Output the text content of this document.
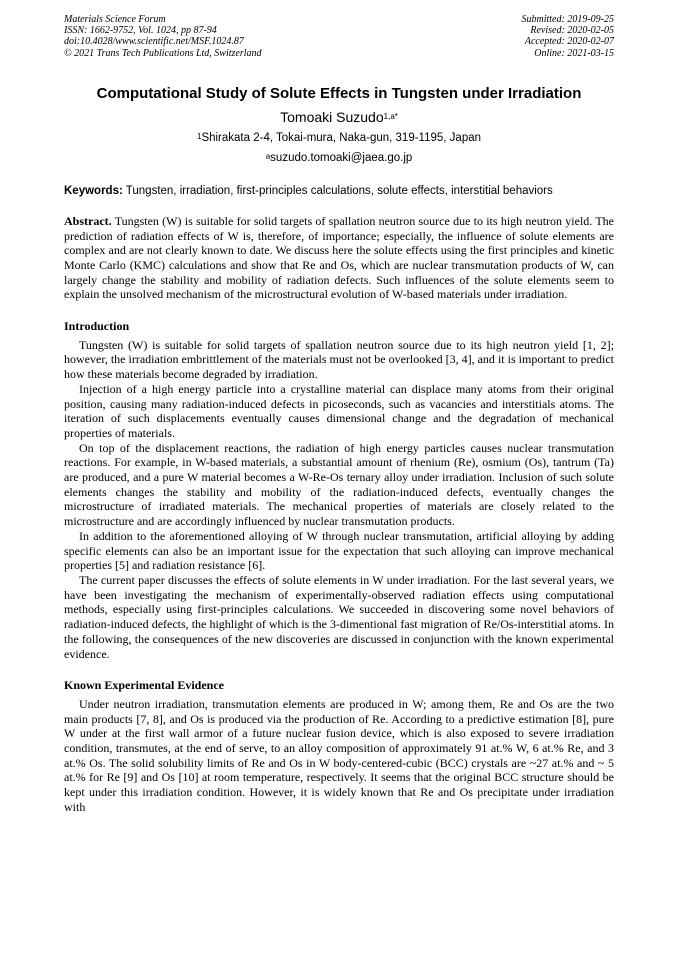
Materials Science Forum
ISSN: 1662-9752, Vol. 1024, pp 87-94
doi:10.4028/www.scientific.net/MSF.1024.87
© 2021 Trans Tech Publications Ltd, Switzerland
Submitted: 2019-09-25
Revised: 2020-02-05
Accepted: 2020-02-07
Online: 2021-03-15
Computational Study of Solute Effects in Tungsten under Irradiation
Tomoaki Suzudo$^{1,a*}$
$^1$Shirakata 2-4, Tokai-mura, Naka-gun, 319-1195, Japan
$^a$suzudo.tomoaki@jaea.go.jp
Keywords: Tungsten, irradiation, first-principles calculations, solute effects, interstitial behaviors
Abstract. Tungsten (W) is suitable for solid targets of spallation neutron source due to its high neutron yield. The prediction of radiation effects of W is, therefore, of importance; especially, the influence of solute elements are complex and are not clearly known to date. We discuss here the solute effects using the first principles and kinetic Monte Carlo (KMC) calculations and show that Re and Os, which are nuclear transmutation products of W, can largely change the stability and mobility of radiation defects. Such influences of the solute elements seem to explain the unsolved mechanism of the microstructural evolution of W-based materials under irradiation.
Introduction

Tungsten (W) is suitable for solid targets of spallation neutron source due to its high neutron yield [1, 2]; however, the irradiation embrittlement of the materials must not be overlooked [3, 4], and it is important to predict how these materials become degraded by irradiation.

Injection of a high energy particle into a crystalline material can displace many atoms from their original position, causing many radiation-induced defects in picoseconds, such as vacancies and interstitials atoms. The iteration of such displacements eventually causes dimensional change and the degradation of mechanical properties of materials.

On top of the displacement reactions, the radiation of high energy particles causes nuclear transmutation reactions. For example, in W-based materials, a substantial amount of rhenium (Re), osmium (Os), tantrum (Ta) are produced, and a pure W material becomes a W-Re-Os ternary alloy under irradiation. Inclusion of such solute elements changes the stability and mobility of the radiation-induced defects, eventually changes the microstructure of irradiated materials. The mechanical properties of materials are closely related to the microstructure and are accordingly influenced by nuclear transmutation products.

In addition to the aforementioned alloying of W through nuclear transmutation, artificial alloying by adding specific elements can also be an important issue for the expectation that such alloying can improve mechanical properties [5] and radiation resistance [6].

The current paper discusses the effects of solute elements in W under irradiation. For the last several years, we have been investigating the mechanism of experimentally-observed radiation effects using computational methods, especially using first-principles calculations. We succeeded in discovering some novel behaviors of radiation-induced defects, the highlight of which is the 3-dimentional fast migration of Re/Os-interstitial atoms. In the following, the consequences of the new discoveries are discussed in conjunction with the known experimental evidence.

Known Experimental Evidence

Under neutron irradiation, transmutation elements are produced in W; among them, Re and Os are the two main products [7, 8], and Os is produced via the production of Re. According to a predictive estimation [8], pure W under at the first wall armor of a future nuclear fusion device, which is also exposed to severe irradiation condition, transmutes, at the end of serve, to an alloy composition of approximately 91 at.% W, 6 at.% Re, and 3 at.% Os. The solid solubility limits of Re and Os in W body-centered-cubic (BCC) crystals are ~27 at.% and ~ 5 at.% for Re [9] and Os [10] at room temperature, respectively. It seems that the original BCC structure should be kept under this irradiation condition. However, it is widely known that Re and Os precipitate under irradiation with
